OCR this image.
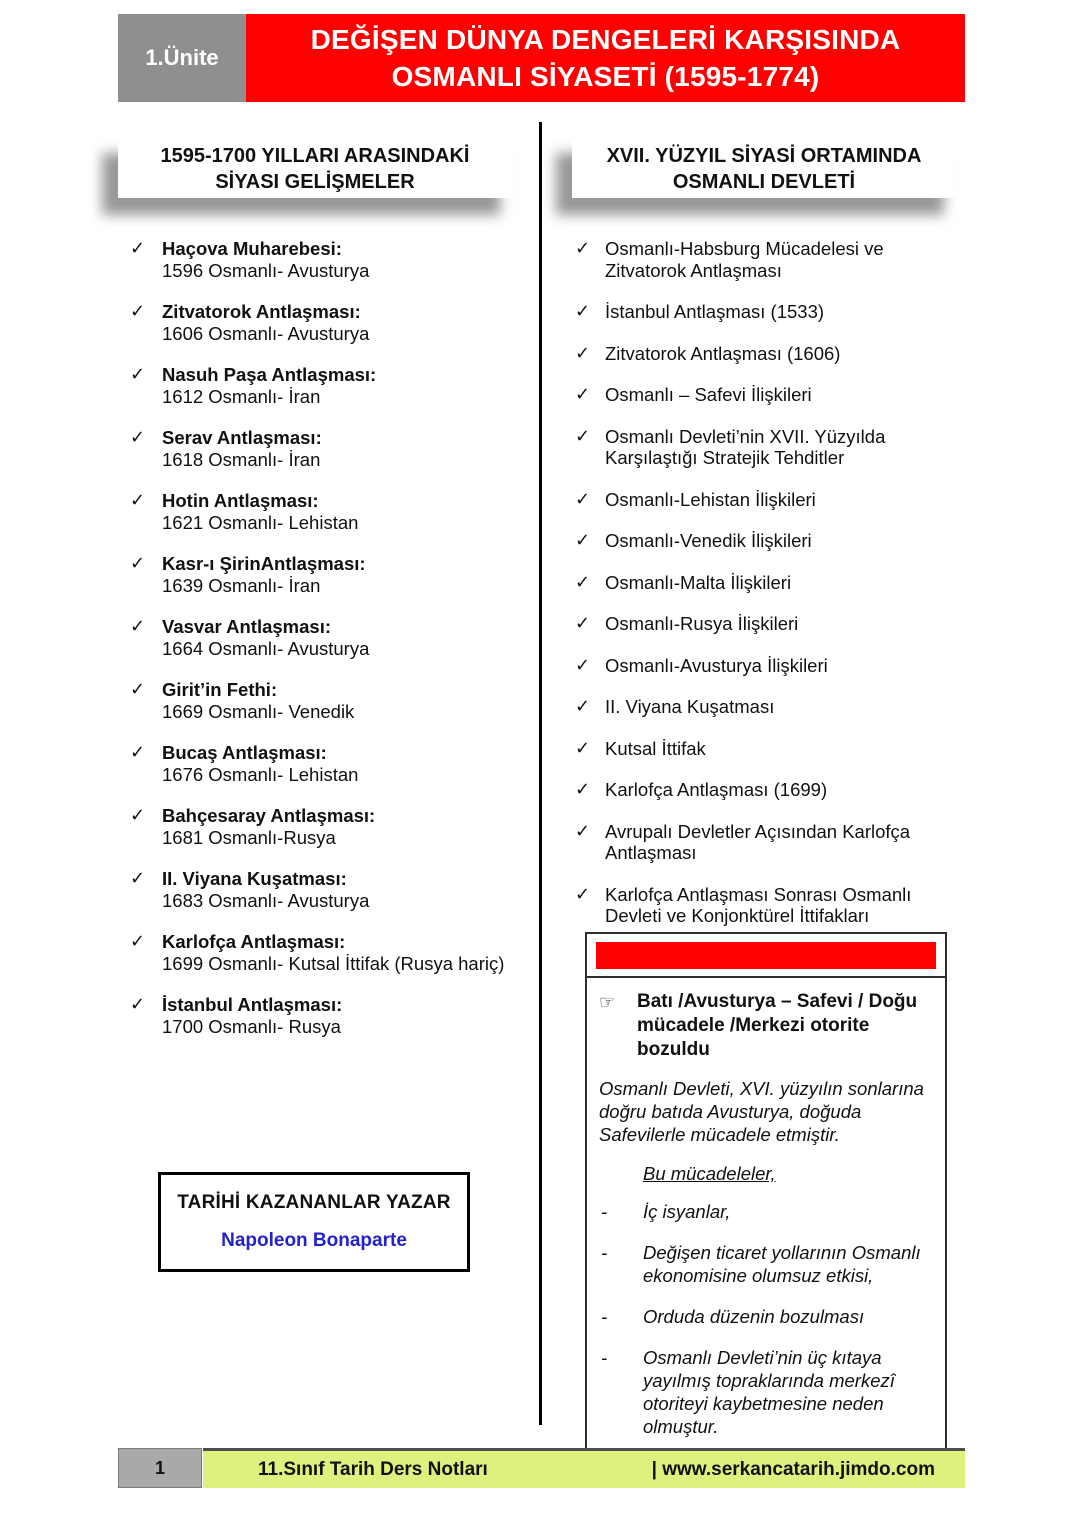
1.Ünite
DEĞİŞEN DÜNYA DENGELERİ KARŞISINDA
OSMANLI SİYASETİ (1595-1774)
1595-1700 YILLARI ARASINDAKİ
SİYASI GELİŞMELER
✓ Haçova Muharebesi:
1596 Osmanlı- Avusturya
✓ Zitvatorok Antlaşması:
1606 Osmanlı- Avusturya
✓ Nasuh Paşa Antlaşması:
1612 Osmanlı- İran
✓ Serav Antlaşması:
1618 Osmanlı- İran
✓ Hotin Antlaşması:
1621 Osmanlı- Lehistan
✓ Kasr-ı ŞirinAntlaşması:
1639 Osmanlı- İran
✓ Vasvar Antlaşması:
1664 Osmanlı- Avusturya
✓ Girit’in Fethi:
1669 Osmanlı- Venedik
✓ Bucaş Antlaşması:
1676 Osmanlı- Lehistan
✓ Bahçesaray Antlaşması:
1681 Osmanlı-Rusya
✓ II. Viyana Kuşatması:
1683 Osmanlı- Avusturya
✓ Karlofça Antlaşması:
1699 Osmanlı- Kutsal İttifak (Rusya hariç)
✓ İstanbul Antlaşması:
1700 Osmanlı- Rusya
TARİHİ KAZANANLAR YAZAR
Napoleon Bonaparte
XVII. YÜZYIL SİYASİ ORTAMINDA
OSMANLI DEVLETİ
✓ Osmanlı-Habsburg Mücadelesi ve Zitvatorok Antlaşması
✓ İstanbul Antlaşması (1533)
✓ Zitvatorok Antlaşması (1606)
✓ Osmanlı – Safevi İlişkileri
✓ Osmanlı Devleti’nin XVII. Yüzyılda Karşılaştığı Stratejik Tehditler
✓ Osmanlı-Lehistan İlişkileri
✓ Osmanlı-Venedik İlişkileri
✓ Osmanlı-Malta İlişkileri
✓ Osmanlı-Rusya İlişkileri
✓ Osmanlı-Avusturya İlişkileri
✓ II. Viyana Kuşatması
✓ Kutsal İttifak
✓ Karlofça Antlaşması (1699)
✓ Avrupalı Devletler Açısından Karlofça Antlaşması
✓ Karlofça Antlaşması Sonrası Osmanlı Devleti ve Konjonktürel İttifakları
☞	Batı /Avusturya – Safevi / Doğu
mücadele /Merkezi otorite bozuldu

Osmanlı Devleti, XVI. yüzyılın sonlarına doğru batıda Avusturya, doğuda Safevilerle mücadele etmiştir.

Bu mücadeleler,
-	İç isyanlar,
-	Değişen ticaret yollarının Osmanlı ekonomisine olumsuz etkisi,
-	Orduda düzenin bozulması
-	Osmanlı Devleti’nin üç kıtaya yayılmış topraklarında merkezî otoriteyi kaybetmesine neden olmuştur.
1	11.Sınıf Tarih Ders Notları	| www.serkancatarih.jimdo.com
